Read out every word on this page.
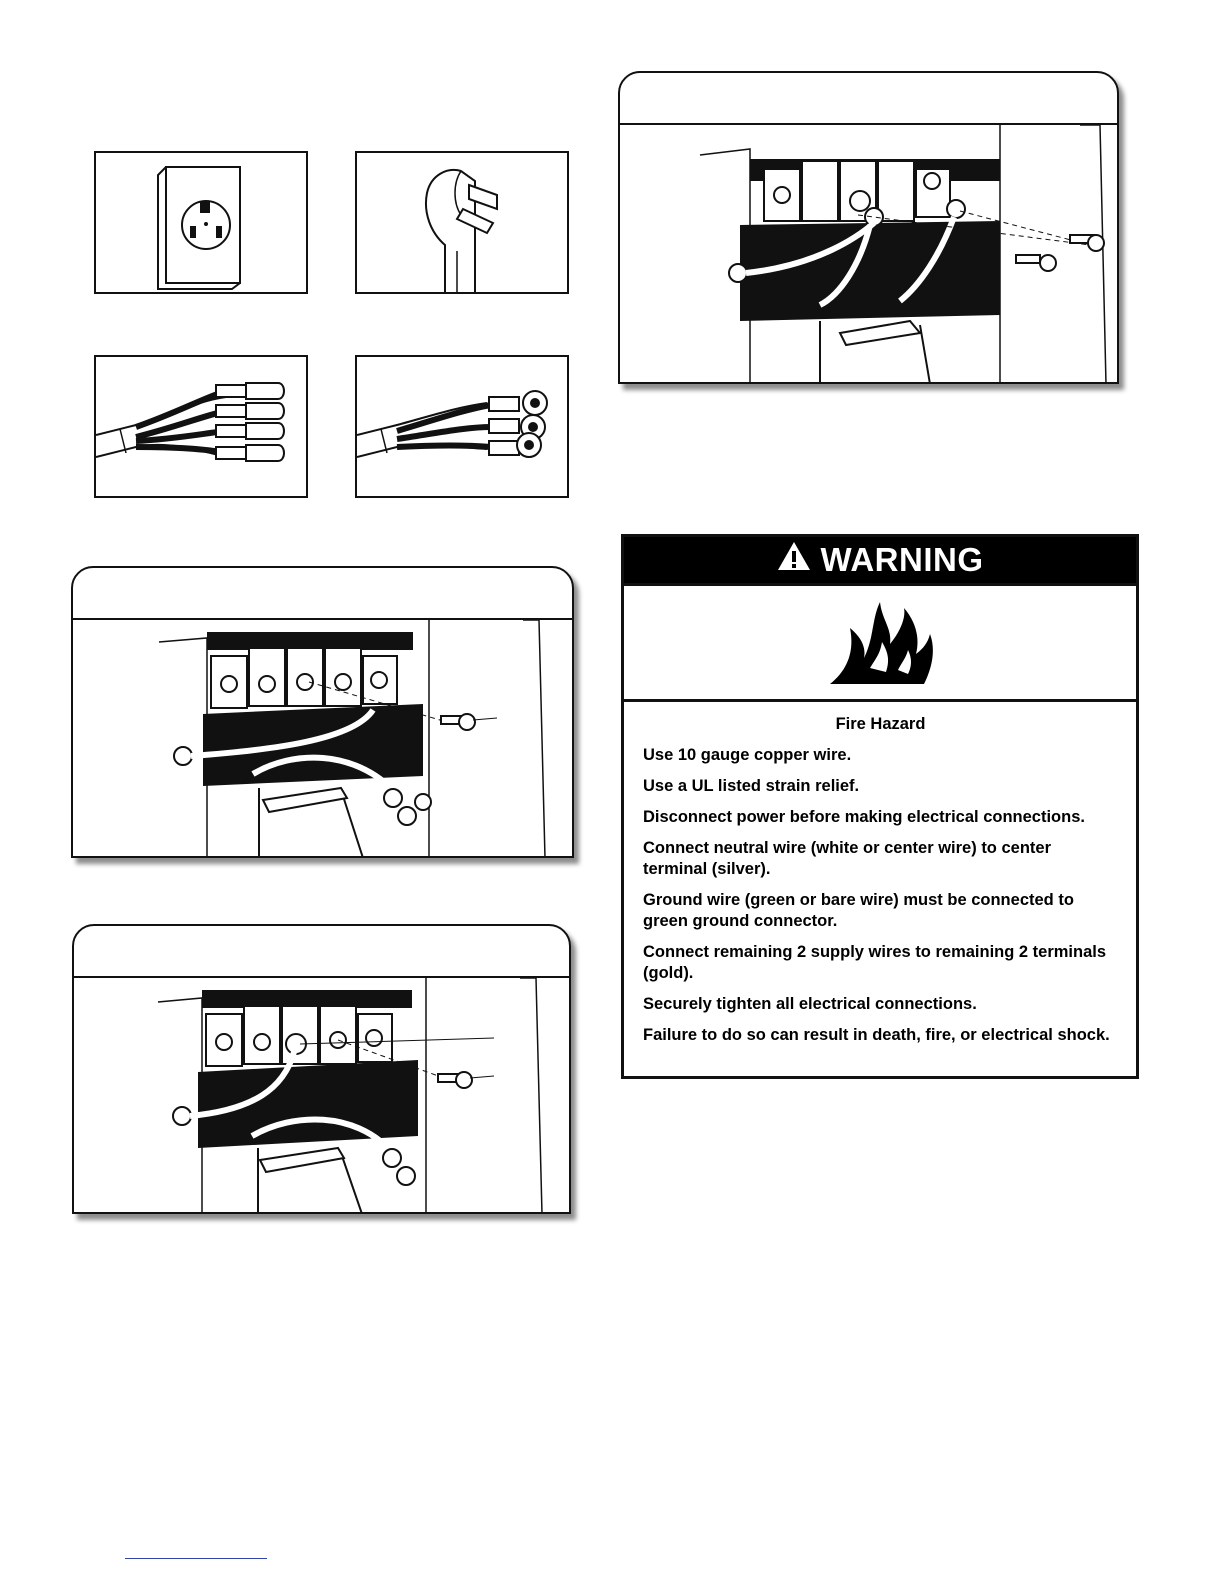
WARNING
Fire Hazard

Use 10 gauge copper wire.

Use a UL listed strain relief.

Disconnect power before making electrical connections.

Connect neutral wire (white or center wire) to center terminal (silver).

Ground wire (green or bare wire) must be connected to green ground connector.

Connect remaining 2 supply wires to remaining 2 terminals (gold).

Securely tighten all electrical connections.

Failure to do so can result in death, fire, or electrical shock.
